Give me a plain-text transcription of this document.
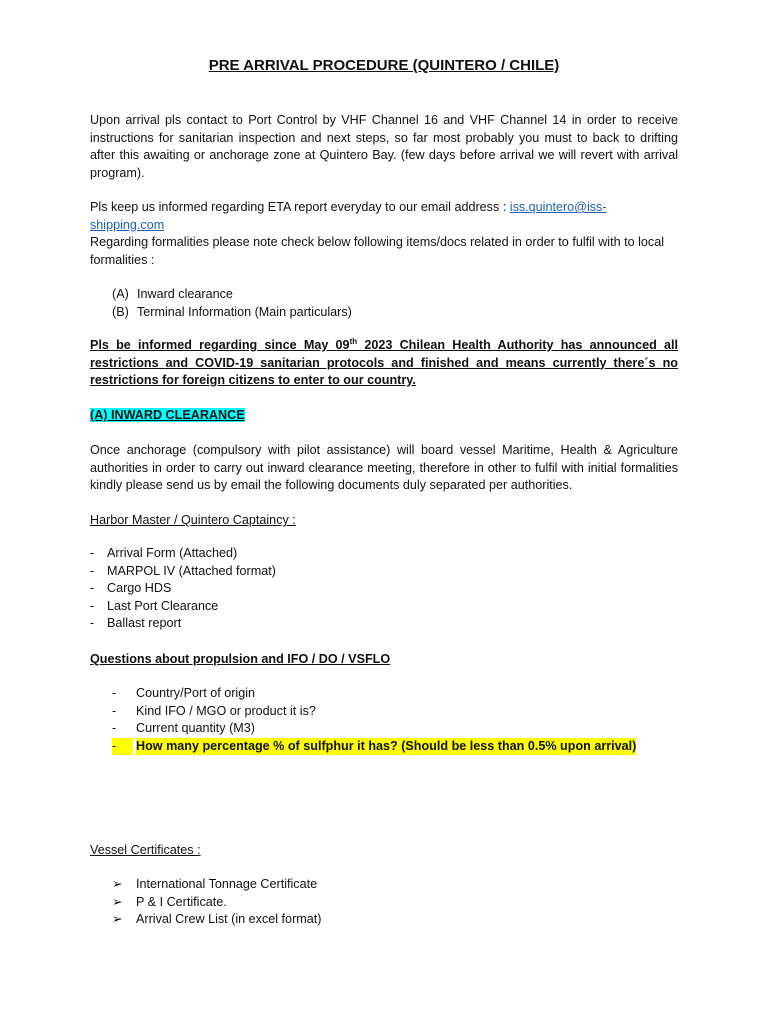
PRE ARRIVAL PROCEDURE (QUINTERO / CHILE)
Upon arrival pls contact to Port Control by VHF Channel 16 and VHF Channel 14 in order to receive instructions for sanitarian inspection and next steps, so far most probably you must to back to drifting after this awaiting or anchorage zone at Quintero Bay. (few days before arrival we will revert with arrival program).
Pls keep us informed regarding ETA report everyday to our email address : iss.quintero@iss-shipping.com
Regarding formalities please note check below following items/docs related in order to fulfil with to local formalities :
(A) Inward clearance
(B) Terminal Information (Main particulars)
Pls be informed regarding since May 09th 2023 Chilean Health Authority has announced all restrictions and COVID-19 sanitarian protocols and finished and means currently there´s no restrictions for foreign citizens to enter to our country.
(A) INWARD CLEARANCE
Once anchorage (compulsory with pilot assistance) will board vessel Maritime, Health & Agriculture authorities in order to carry out inward clearance meeting, therefore in other to fulfil with initial formalities kindly please send us by email the following documents duly separated per authorities.
Harbor Master / Quintero Captaincy :
- Arrival Form (Attached)
- MARPOL IV (Attached format)
- Cargo HDS
- Last Port Clearance
- Ballast report
Questions about propulsion and IFO / DO / VSFLO
- Country/Port of origin
- Kind IFO / MGO or product it is?
- Current quantity (M3)
-	How many percentage % of sulfphur it has? (Should be less than 0.5% upon arrival)
Vessel Certificates :
➢ International Tonnage Certificate
➢ P & I Certificate.
➢ Arrival Crew List (in excel format)
